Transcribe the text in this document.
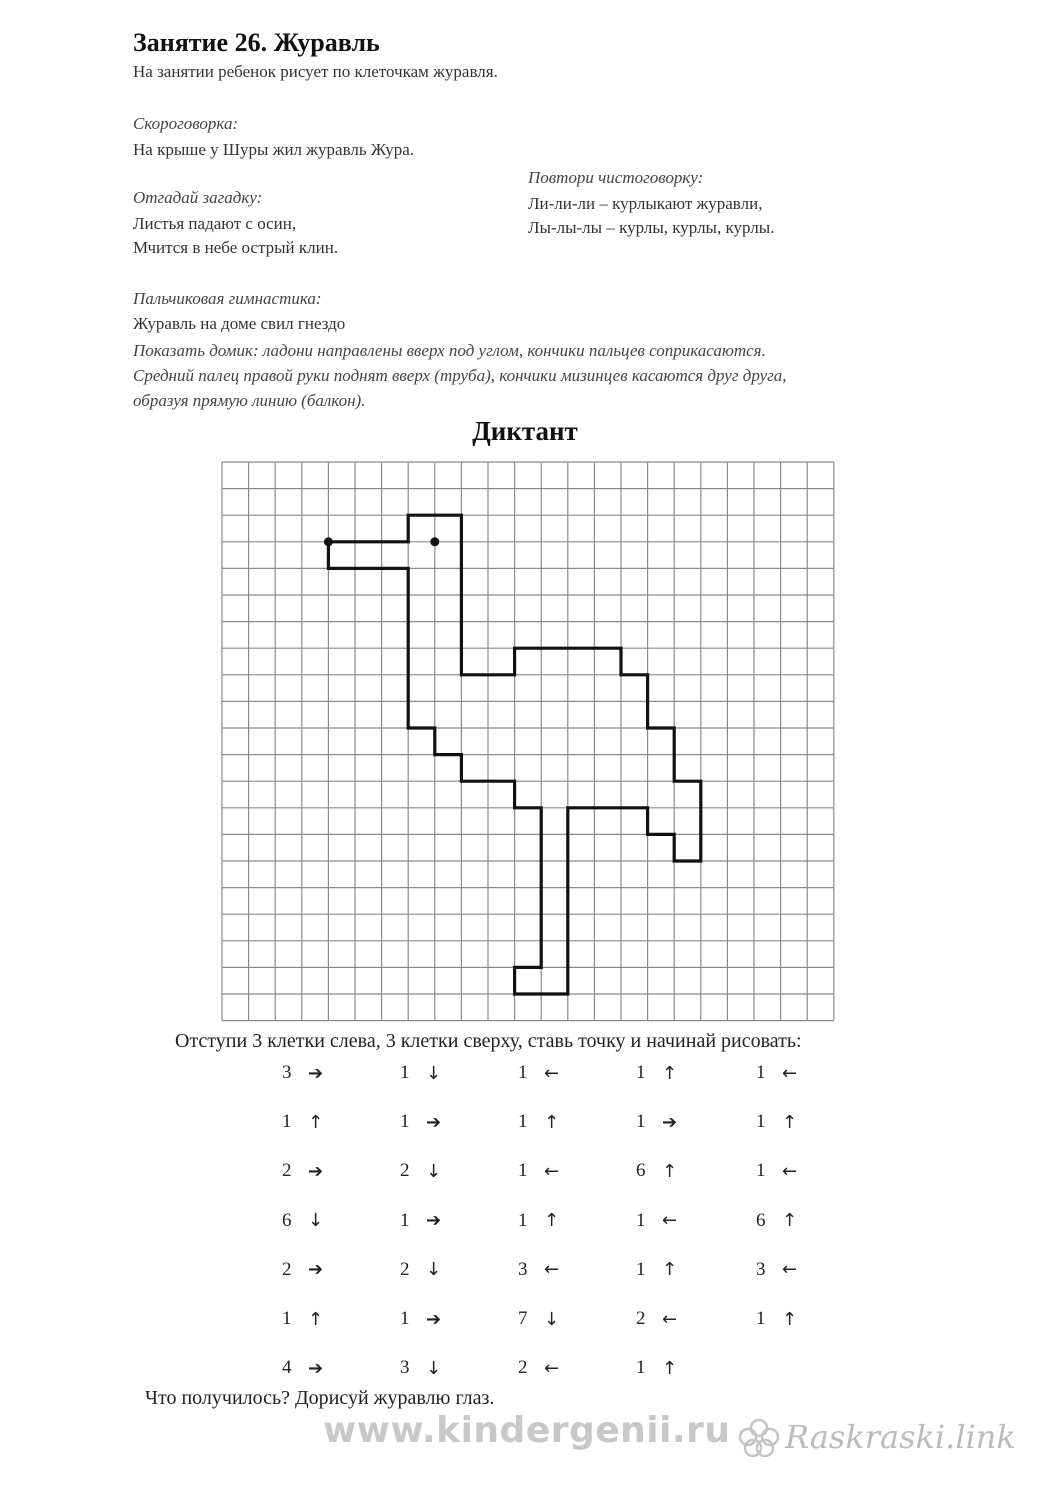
Занятие 26. Журавль
На занятии ребенок рисует по клеточкам журавля.
Скороговорка:
На крыше у Шуры жил журавль Жура.
Отгадай загадку:
Листья падают с осин,
Мчится в небе острый клин.
Повтори чистоговорку:
Ли-ли-ли – курлыкают журавли,
Лы-лы-лы – курлы, курлы, курлы.
Пальчиковая гимнастика:
Журавль на доме свил гнездо
Показать домик: ладони направлены вверх под углом, кончики пальцев соприкасаются.
Средний палец правой руки поднят вверх (труба), кончики мизинцев касаются друг друга,
образуя прямую линию (балкон).
Диктант
Отступи 3 клетки слева, 3 клетки сверху, ставь точку и начинай рисовать:
3 ➔
1 ↑
2 ➔
6 ↓
2 ➔
1 ↑
4 ➔
1 ↓
1 ➔
2 ↓
1 ➔
2 ↓
1 ➔
3 ↓
1 ←
1 ↑
1 ←
1 ↑
3 ←
7 ↓
2 ←
1 ↑
1 ➔
6 ↑
1 ←
1 ↑
2 ←
1 ↑
1 ←
1 ↑
1 ←
6 ↑
3 ←
1 ↑
Что получилось? Дорисуй журавлю глаз.
www.kindergenii.ru Raskraski.link
